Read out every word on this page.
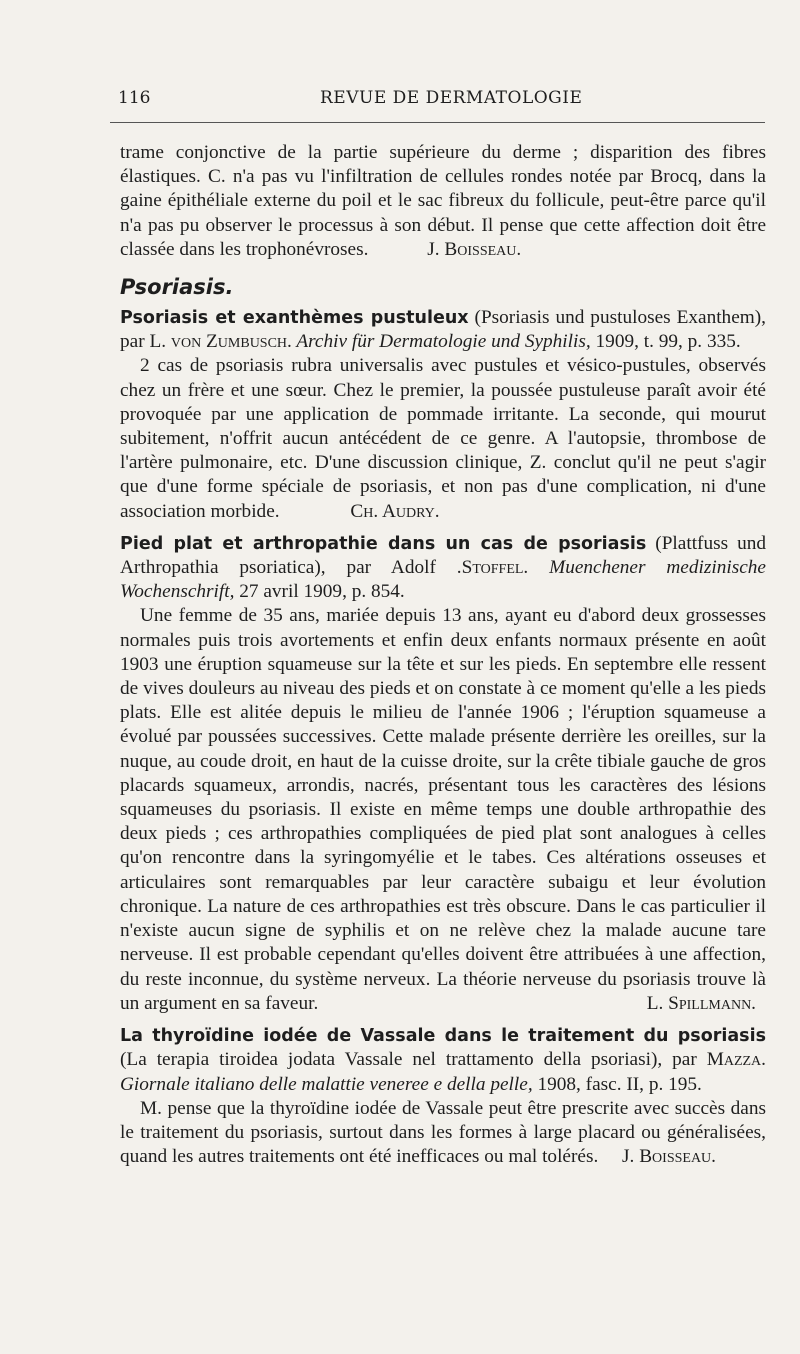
116	REVUE DE DERMATOLOGIE

trame conjonctive de la partie supérieure du derme ; disparition des fibres élastiques. C. n'a pas vu l'infiltration de cellules rondes notée par Brocq, dans la gaine épithéliale externe du poil et le sac fibreux du follicule, peut-être parce qu'il n'a pas pu observer le processus à son début. Il pense que cette affection doit être classée dans les trophonévroses.	J. Boisseau.

Psoriasis.

Psoriasis et exanthèmes pustuleux (Psoriasis und pustuloses Exanthem), par L. von Zumbusch. Archiv für Dermatologie und Syphilis, 1909, t. 99, p. 335.

2 cas de psoriasis rubra universalis avec pustules et vésico-pustules, observés chez un frère et une sœur. Chez le premier, la poussée pustuleuse paraît avoir été provoquée par une application de pommade irritante. La seconde, qui mourut subitement, n'offrit aucun antécédent de ce genre. A l'autopsie, thrombose de l'artère pulmonaire, etc. D'une discussion clinique, Z. conclut qu'il ne peut s'agir que d'une forme spéciale de psoriasis, et non pas d'une complication, ni d'une association morbide.	Ch. Audry.

Pied plat et arthropathie dans un cas de psoriasis (Plattfuss und Arthropathia psoriatica), par Adolf .Stoffel. Muenchener medizinische Wochenschrift, 27 avril 1909, p. 854.

Une femme de 35 ans, mariée depuis 13 ans, ayant eu d'abord deux grossesses normales puis trois avortements et enfin deux enfants normaux présente en août 1903 une éruption squameuse sur la tête et sur les pieds. En septembre elle ressent de vives douleurs au niveau des pieds et on constate à ce moment qu'elle a les pieds plats. Elle est alitée depuis le milieu de l'année 1906 ; l'éruption squameuse a évolué par poussées successives. Cette malade présente derrière les oreilles, sur la nuque, au coude droit, en haut de la cuisse droite, sur la crête tibiale gauche de gros placards squameux, arrondis, nacrés, présentant tous les caractères des lésions squameuses du psoriasis. Il existe en même temps une double arthropathie des deux pieds ; ces arthropathies compliquées de pied plat sont analogues à celles qu'on rencontre dans la syringomyélie et le tabes. Ces altérations osseuses et articulaires sont remarquables par leur caractère subaigu et leur évolution chronique. La nature de ces arthropathies est très obscure. Dans le cas particulier il n'existe aucun signe de syphilis et on ne relève chez la malade aucune tare nerveuse. Il est probable cependant qu'elles doivent être attribuées à une affection, du reste inconnue, du système nerveux. La théorie nerveuse du psoriasis trouve là un argument en sa faveur.	L. Spillmann.

La thyroïdine iodée de Vassale dans le traitement du psoriasis (La terapia tiroidea jodata Vassale nel trattamento della psoriasi), par Mazza. Giornale italiano delle malattie veneree e della pelle, 1908, fasc. II, p. 195.

M. pense que la thyroïdine iodée de Vassale peut être prescrite avec succès dans le traitement du psoriasis, surtout dans les formes à large placard ou généralisées, quand les autres traitements ont été inefficaces ou mal tolérés.	J. Boisseau.
